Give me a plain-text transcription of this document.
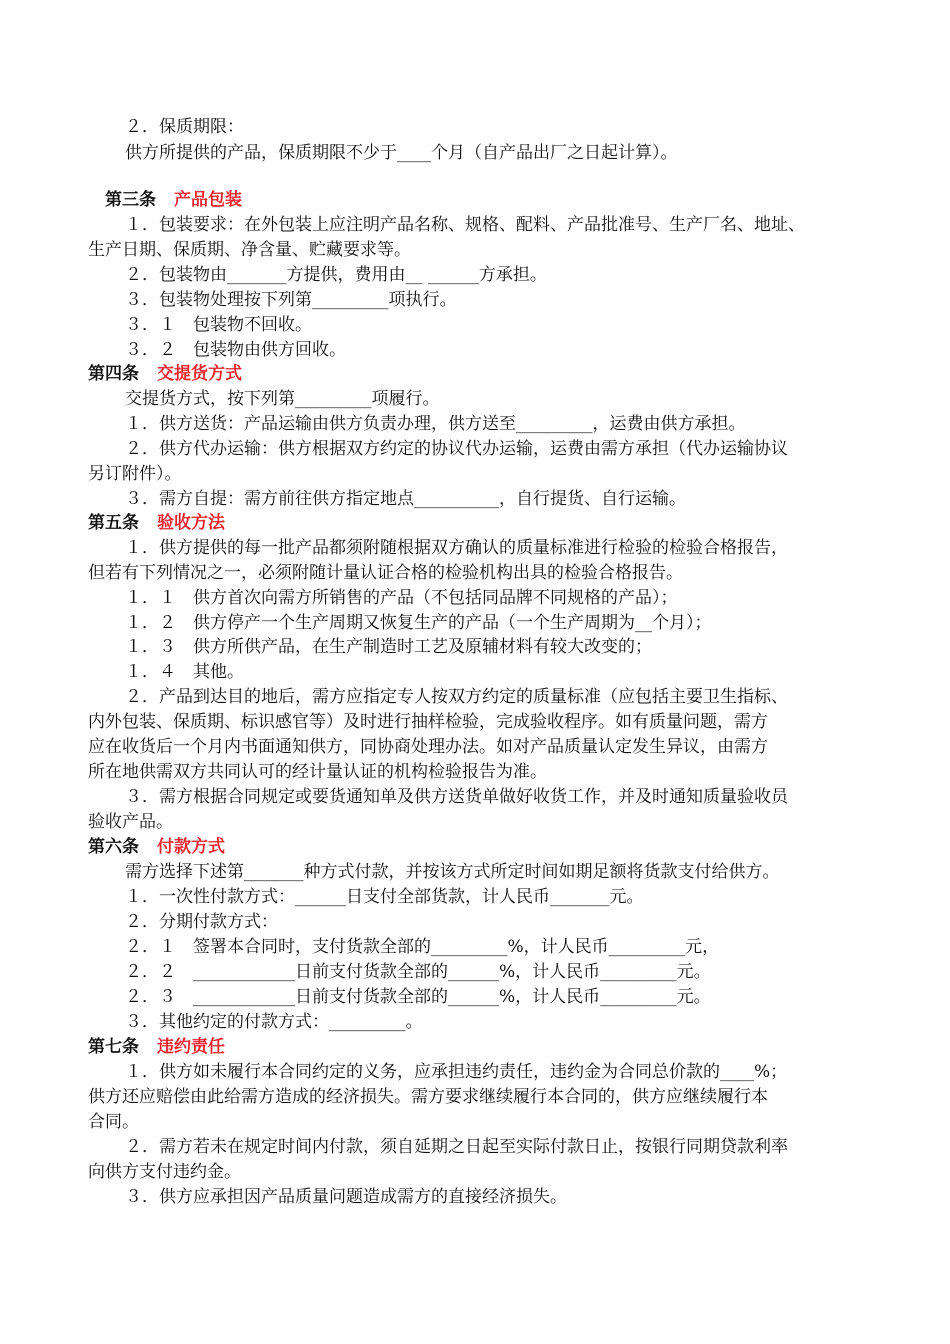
２．保质期限：
供方所提供的产品，保质期限不少于____个月（自产品出厂之日起计算）。
第三条 产品包装
１．包装要求：在外包装上应注明产品名称、规格、配料、产品批准号、生产厂名、地址、
生产日期、保质期、净含量、贮藏要求等。
２．包装物由_______方提供，费用由__ ______方承担。
３．包装物处理按下列第_________项执行。
３．１　包装物不回收。
３．２　包装物由供方回收。
第四条 交提货方式
交提货方式，按下列第_________项履行。
１．供方送货：产品运输由供方负责办理，供方送至_________，运费由供方承担。
２．供方代办运输：供方根据双方约定的协议代办运输，运费由需方承担（代办运输协议
另订附件）。
３．需方自提：需方前往供方指定地点__________，自行提货、自行运输。
第五条 验收方法
１．供方提供的每一批产品都须附随根据双方确认的质量标准进行检验的检验合格报告，
但若有下列情况之一，必须附随计量认证合格的检验机构出具的检验合格报告。
１．１　供方首次向需方所销售的产品（不包括同品牌不同规格的产品）；
１．２　供方停产一个生产周期又恢复生产的产品（一个生产周期为__个月）；
１．３　供方所供产品，在生产制造时工艺及原辅材料有较大改变的；
１．４　其他。
２．产品到达目的地后，需方应指定专人按双方约定的质量标准（应包括主要卫生指标、
内外包装、保质期、标识感官等）及时进行抽样检验，完成验收程序。如有质量问题，需方
应在收货后一个月内书面通知供方，同协商处理办法。如对产品质量认定发生异议，由需方
所在地供需双方共同认可的经计量认证的机构检验报告为准。
３．需方根据合同规定或要货通知单及供方送货单做好收货工作，并及时通知质量验收员
验收产品。
第六条 付款方式
需方选择下述第_______种方式付款，并按该方式所定时间如期足额将货款支付给供方。
１．一次性付款方式：______日支付全部货款，计人民币_______元。
２．分期付款方式：
２．１　签署本合同时，支付货款全部的_________%，计人民币_________元，
２．２　____________日前支付货款全部的______%，计人民币_________元。
２．３　____________日前支付货款全部的______%，计人民币_________元。
３．其他约定的付款方式：_________。
第七条 违约责任
１．供方如未履行本合同约定的义务，应承担违约责任，违约金为合同总价款的____%；
供方还应赔偿由此给需方造成的经济损失。需方要求继续履行本合同的，供方应继续履行本
合同。
２．需方若未在规定时间内付款，须自延期之日起至实际付款日止，按银行同期贷款利率
向供方支付违约金。
３．供方应承担因产品质量问题造成需方的直接经济损失。
